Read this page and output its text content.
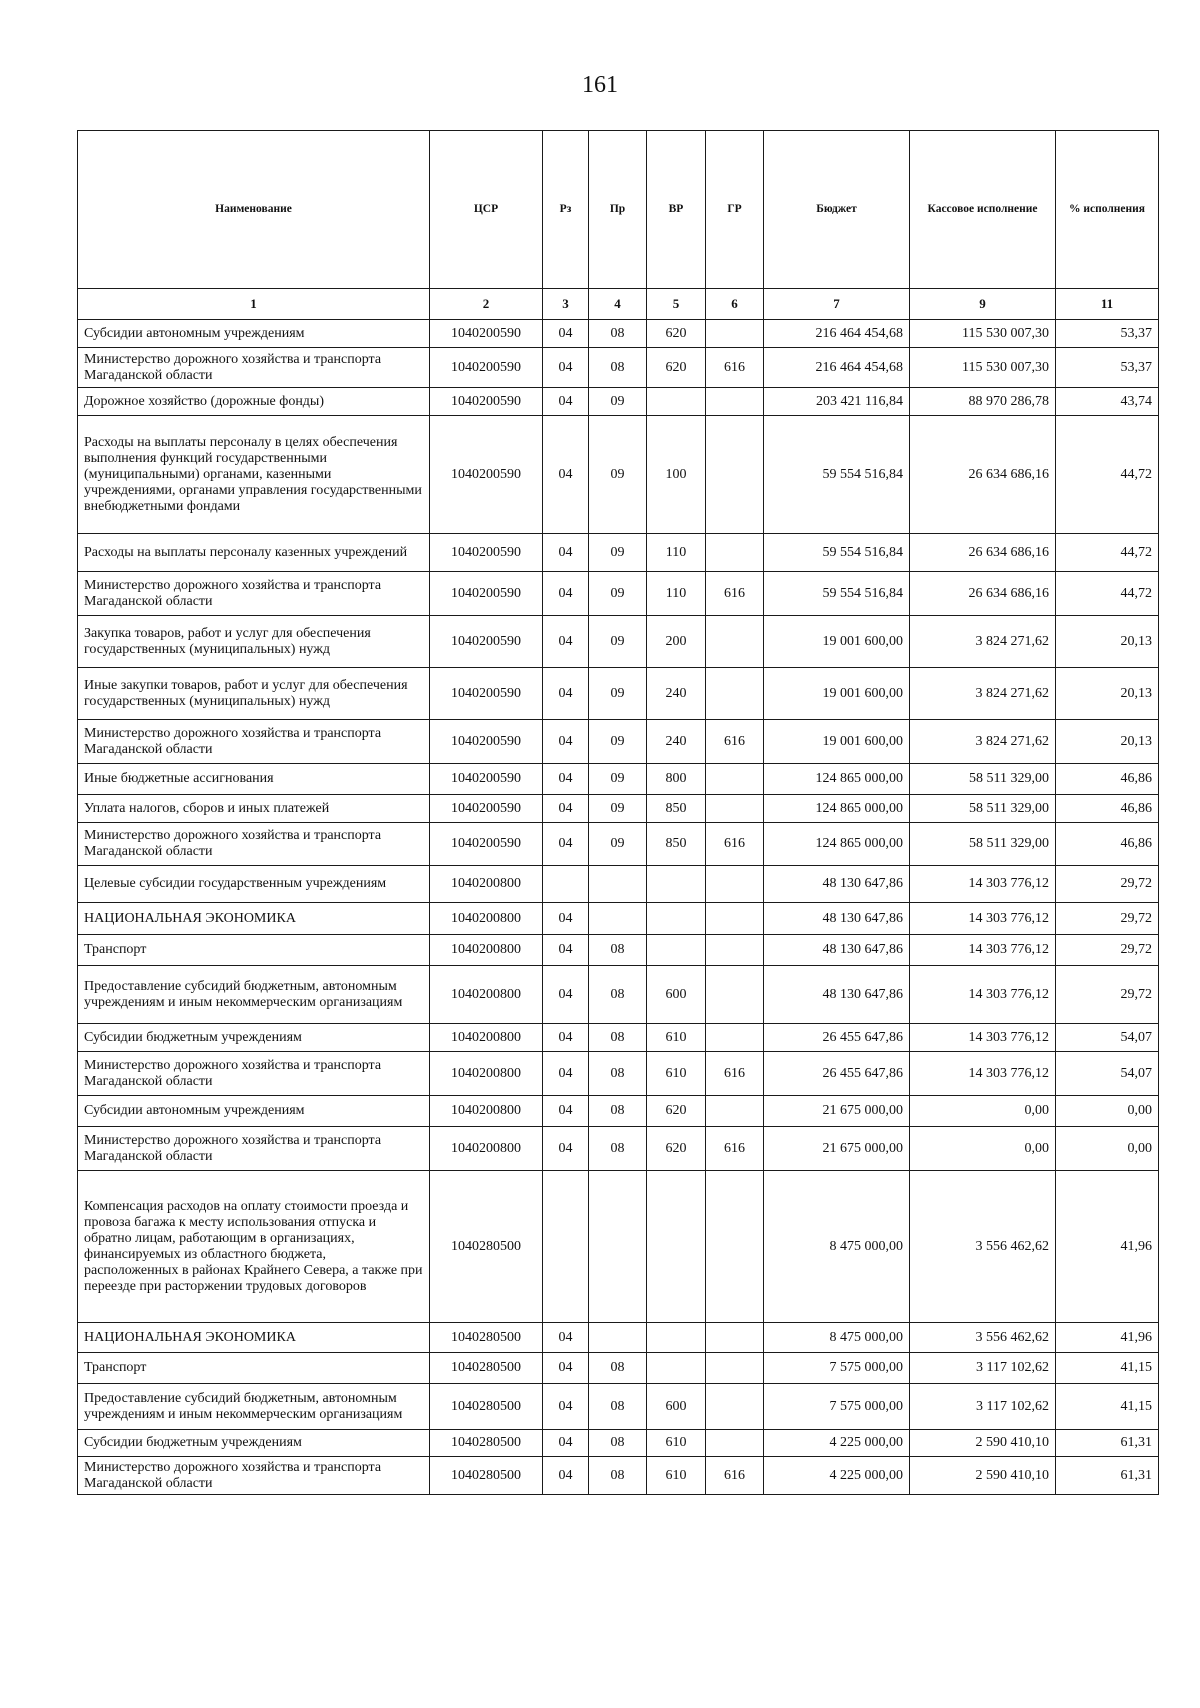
161
Наименование	ЦСР	Рз	Пр	ВР	ГР	Бюджет	Кассовое исполнение	% исполнения
1	2	3	4	5	6	7	9	11
Субсидии автономным учреждениям	1040200590	04	08	620		216 464 454,68	115 530 007,30	53,37
Министерство дорожного хозяйства и транспорта Магаданской области	1040200590	04	08	620	616	216 464 454,68	115 530 007,30	53,37
Дорожное хозяйство (дорожные фонды)	1040200590	04	09			203 421 116,84	88 970 286,78	43,74
Расходы на выплаты персоналу в целях обеспечения выполнения функций государственными (муниципальными) органами, казенными учреждениями, органами управления государственными внебюджетными фондами	1040200590	04	09	100		59 554 516,84	26 634 686,16	44,72
Расходы на выплаты персоналу казенных учреждений	1040200590	04	09	110		59 554 516,84	26 634 686,16	44,72
Министерство дорожного хозяйства и транспорта Магаданской области	1040200590	04	09	110	616	59 554 516,84	26 634 686,16	44,72
Закупка товаров, работ и услуг для обеспечения государственных (муниципальных) нужд	1040200590	04	09	200		19 001 600,00	3 824 271,62	20,13
Иные закупки товаров, работ и услуг для обеспечения государственных (муниципальных) нужд	1040200590	04	09	240		19 001 600,00	3 824 271,62	20,13
Министерство дорожного хозяйства и транспорта Магаданской области	1040200590	04	09	240	616	19 001 600,00	3 824 271,62	20,13
Иные бюджетные ассигнования	1040200590	04	09	800		124 865 000,00	58 511 329,00	46,86
Уплата налогов, сборов и иных платежей	1040200590	04	09	850		124 865 000,00	58 511 329,00	46,86
Министерство дорожного хозяйства и транспорта Магаданской области	1040200590	04	09	850	616	124 865 000,00	58 511 329,00	46,86
Целевые субсидии государственным учреждениям	1040200800					48 130 647,86	14 303 776,12	29,72
НАЦИОНАЛЬНАЯ ЭКОНОМИКА	1040200800	04				48 130 647,86	14 303 776,12	29,72
Транспорт	1040200800	04	08			48 130 647,86	14 303 776,12	29,72
Предоставление субсидий бюджетным, автономным учреждениям и иным некоммерческим организациям	1040200800	04	08	600		48 130 647,86	14 303 776,12	29,72
Субсидии бюджетным учреждениям	1040200800	04	08	610		26 455 647,86	14 303 776,12	54,07
Министерство дорожного хозяйства и транспорта Магаданской области	1040200800	04	08	610	616	26 455 647,86	14 303 776,12	54,07
Субсидии автономным учреждениям	1040200800	04	08	620		21 675 000,00	0,00	0,00
Министерство дорожного хозяйства и транспорта Магаданской области	1040200800	04	08	620	616	21 675 000,00	0,00	0,00
Компенсация расходов на оплату стоимости проезда и провоза багажа к месту использования отпуска и обратно лицам, работающим в организациях, финансируемых из областного бюджета, расположенных в районах Крайнего Севера, а также при переезде при расторжении трудовых договоров	1040280500					8 475 000,00	3 556 462,62	41,96
НАЦИОНАЛЬНАЯ ЭКОНОМИКА	1040280500	04				8 475 000,00	3 556 462,62	41,96
Транспорт	1040280500	04	08			7 575 000,00	3 117 102,62	41,15
Предоставление субсидий бюджетным, автономным учреждениям и иным некоммерческим организациям	1040280500	04	08	600		7 575 000,00	3 117 102,62	41,15
Субсидии бюджетным учреждениям	1040280500	04	08	610		4 225 000,00	2 590 410,10	61,31
Министерство дорожного хозяйства и транспорта Магаданской области	1040280500	04	08	610	616	4 225 000,00	2 590 410,10	61,31
